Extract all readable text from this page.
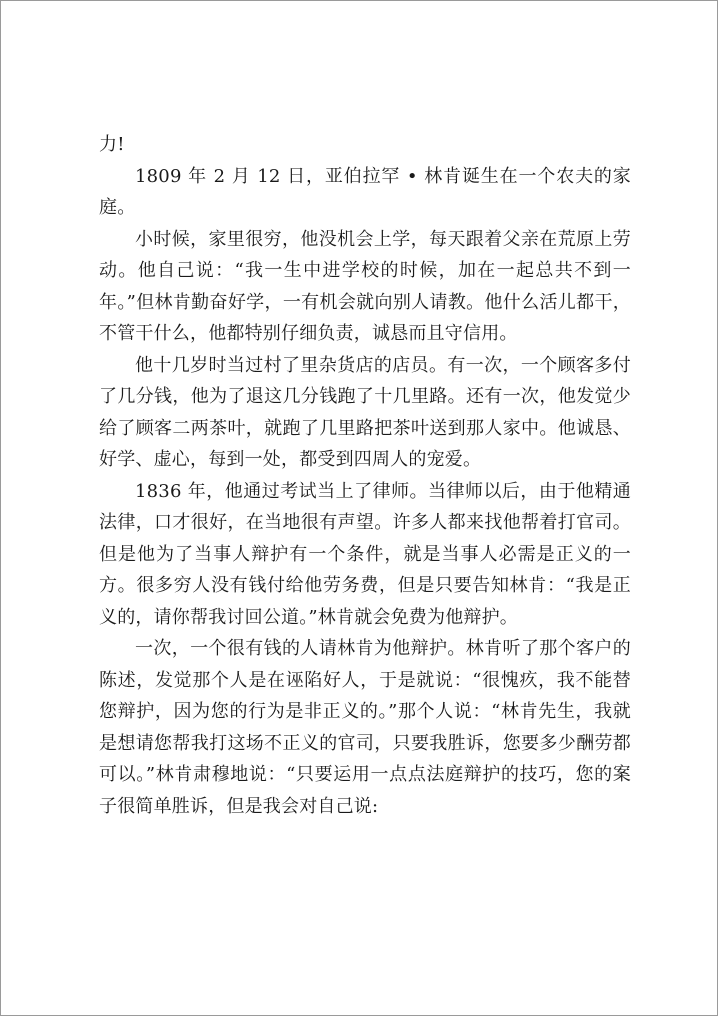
力!

1809 年 2 月 12 日，亚伯拉罕 • 林肯诞生在一个农夫的家庭。

小时候，家里很穷，他没机会上学，每天跟着父亲在荒原上劳动。他自己说：“我一生中进学校的时候，加在一起总共不到一年。”但林肯勤奋好学，一有机会就向别人请教。他什么活儿都干，不管干什么，他都特别仔细负责，诚恳而且守信用。

他十几岁时当过村了里杂货店的店员。有一次，一个顾客多付了几分钱，他为了退这几分钱跑了十几里路。还有一次，他发觉少给了顾客二两茶叶，就跑了几里路把茶叶送到那人家中。他诚恳、好学、虚心，每到一处，都受到四周人的宠爱。

1836 年，他通过考试当上了律师。当律师以后，由于他精通法律，口才很好，在当地很有声望。许多人都来找他帮着打官司。但是他为了当事人辩护有一个条件，就是当事人必需是正义的一方。很多穷人没有钱付给他劳务费，但是只要告知林肯：“我是正义的，请你帮我讨回公道。”林肯就会免费为他辩护。

一次，一个很有钱的人请林肯为他辩护。林肯听了那个客户的陈述，发觉那个人是在诬陷好人，于是就说：“很愧疚，我不能替您辩护，因为您的行为是非正义的。”那个人说：“林肯先生，我就是想请您帮我打这场不正义的官司，只要我胜诉，您要多少酬劳都可以。”林肯肃穆地说：“只要运用一点点法庭辩护的技巧，您的案子很简单胜诉，但是我会对自己说:
